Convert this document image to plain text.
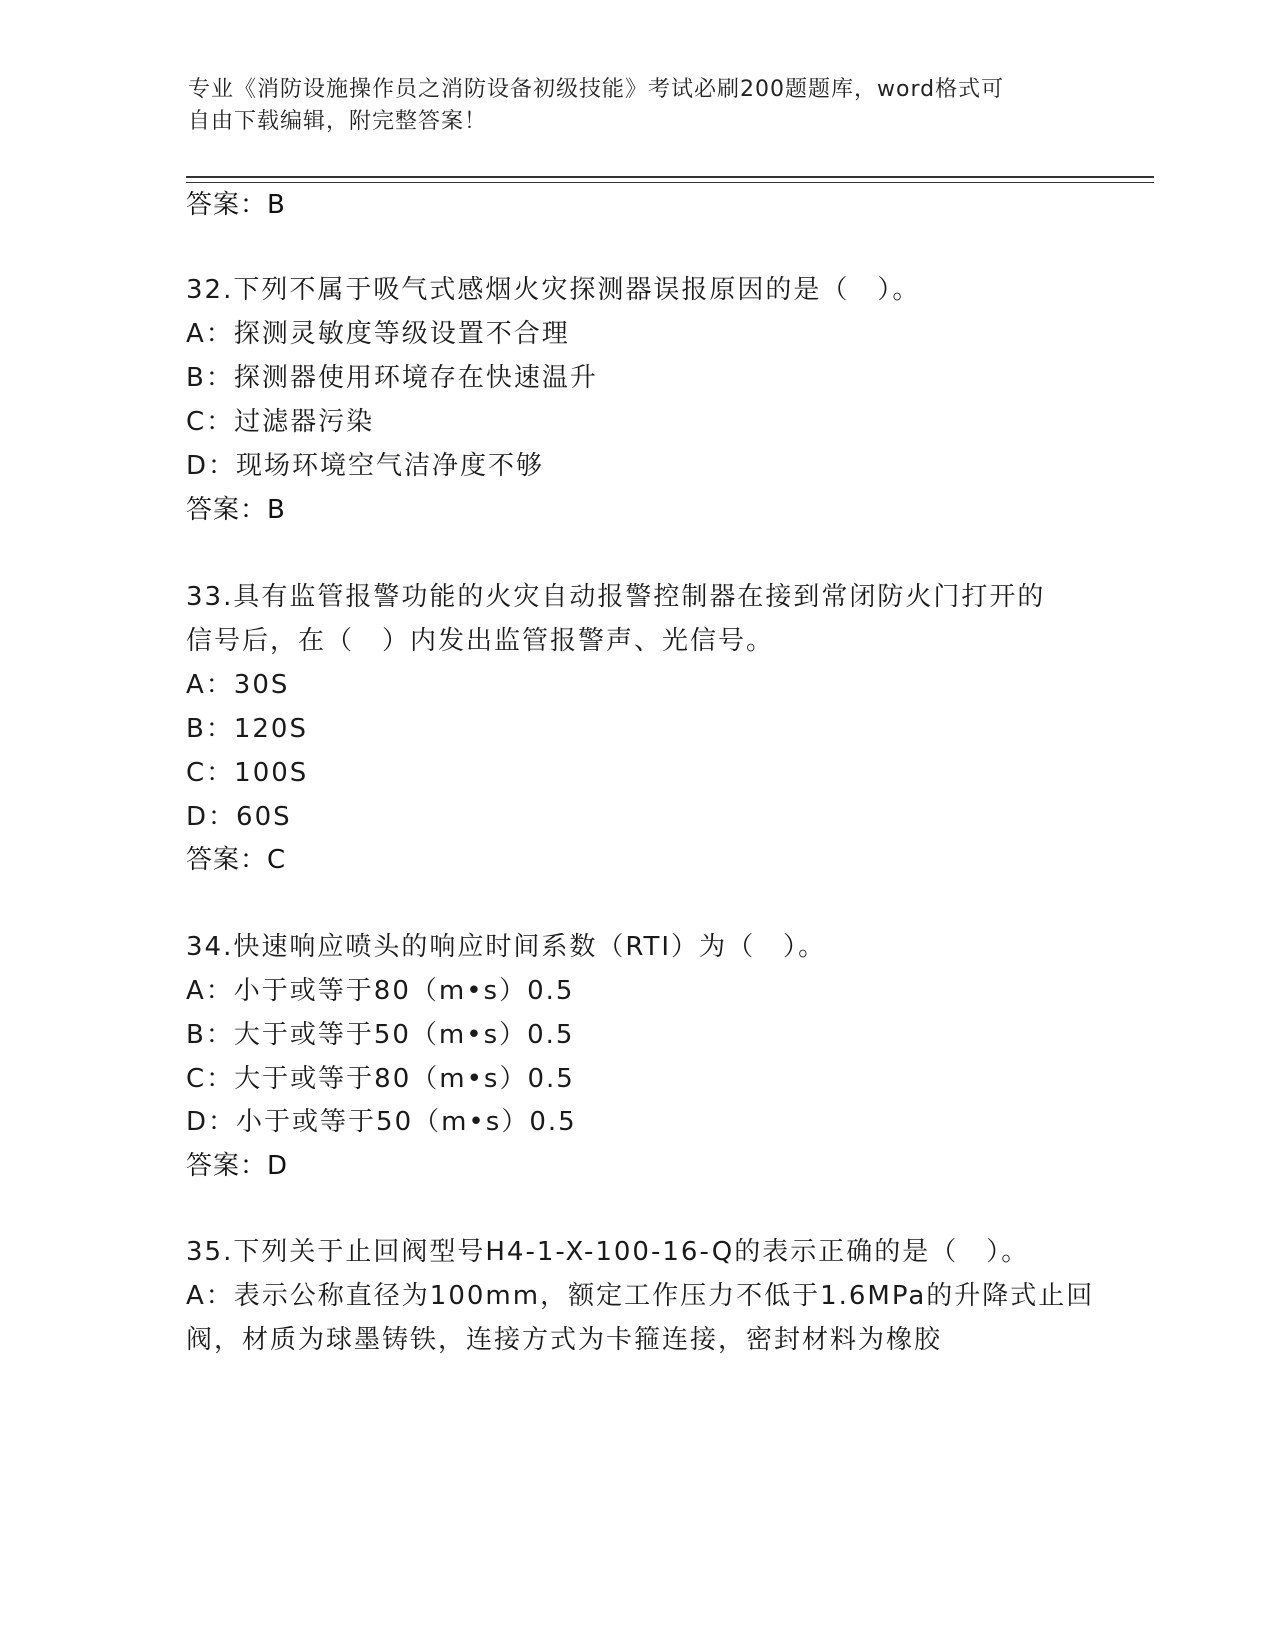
专业《消防设施操作员之消防设备初级技能》考试必刷200题题库，word格式可
自由下载编辑，附完整答案！
答案：B
32.下列不属于吸气式感烟火灾探测器误报原因的是（　）。
A：探测灵敏度等级设置不合理
B：探测器使用环境存在快速温升
C：过滤器污染
D：现场环境空气洁净度不够
答案：B
33.具有监管报警功能的火灾自动报警控制器在接到常闭防火门打开的
信号后，在（　）内发出监管报警声、光信号。
A：30S
B：120S
C：100S
D：60S
答案：C
34.快速响应喷头的响应时间系数（RTI）为（　）。
A：小于或等于80（m•s）0.5
B：大于或等于50（m•s）0.5
C：大于或等于80（m•s）0.5
D：小于或等于50（m•s）0.5
答案：D
35.下列关于止回阀型号H4-1-X-100-16-Q的表示正确的是（　）。
A：表示公称直径为100mm，额定工作压力不低于1.6MPa的升降式止回
阀，材质为球墨铸铁，连接方式为卡箍连接，密封材料为橡胶
